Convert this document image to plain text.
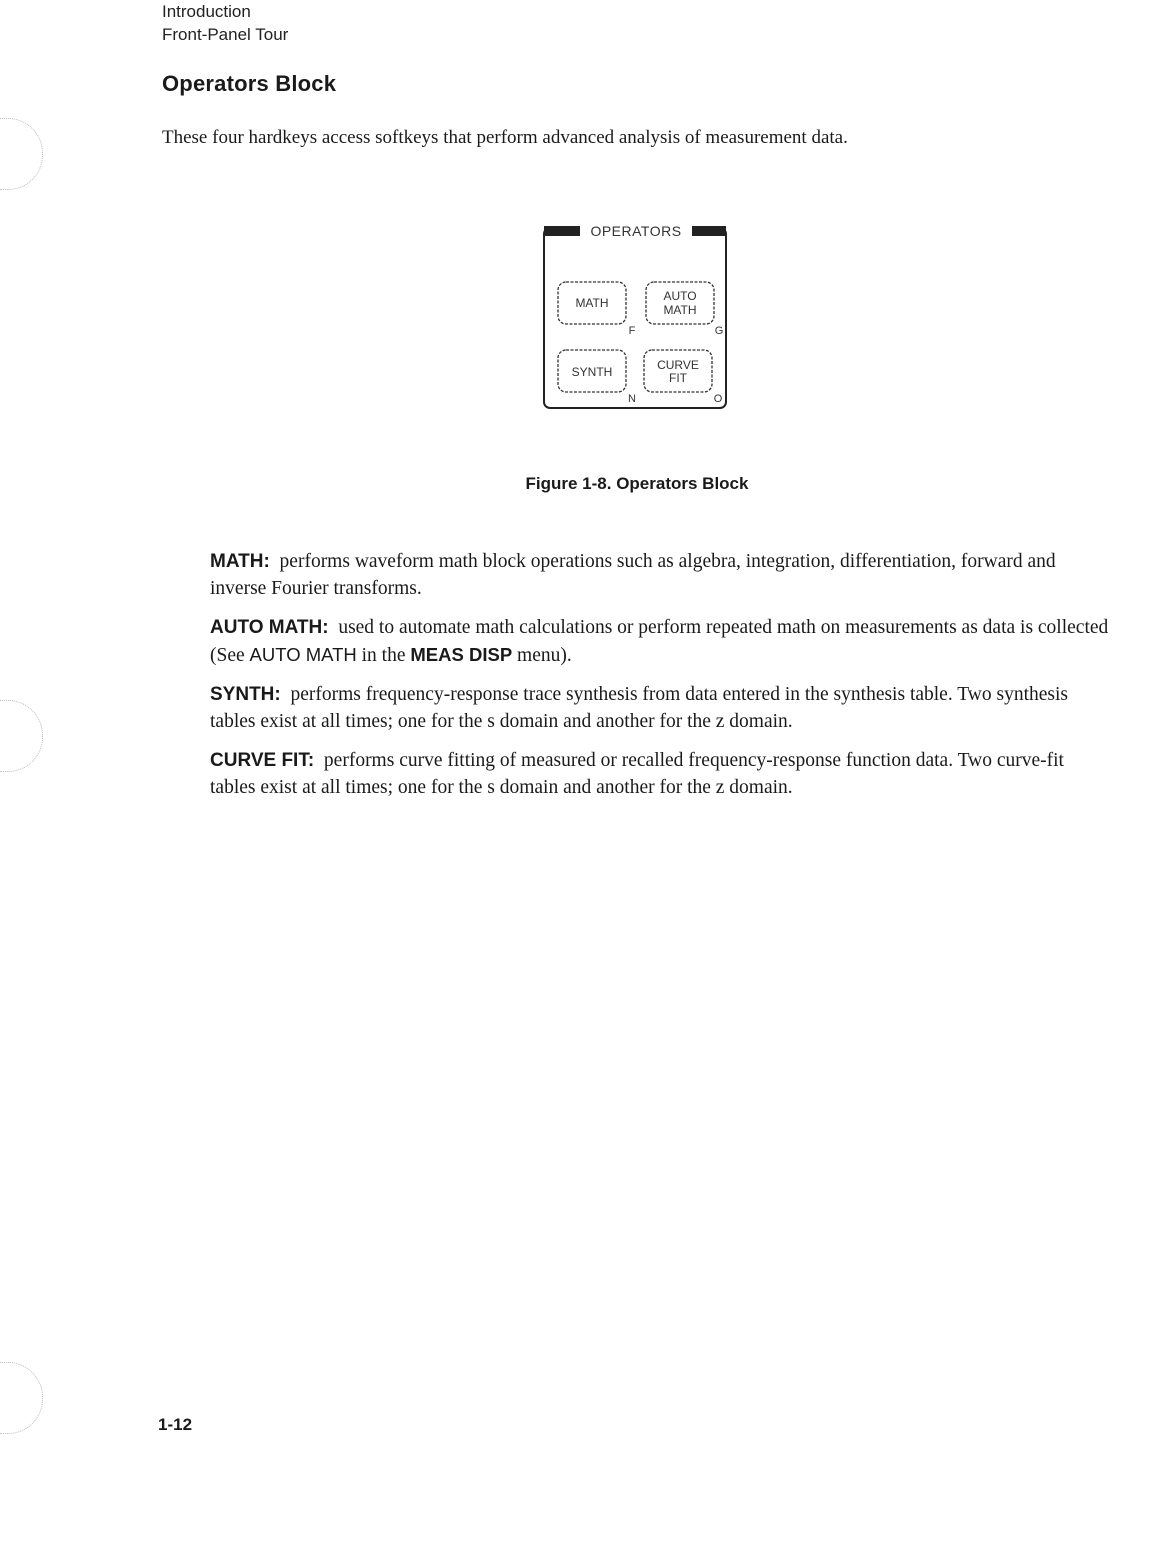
Introduction
Front-Panel Tour
Operators Block

These four hardkeys access softkeys that perform advanced analysis of measurement data.

OPERATORS
MATH
F
AUTO
MATH
G
SYNTH
N
CURVE
FIT
O
Figure 1-8. Operators Block

MATH: performs waveform math block operations such as algebra, integration, differentiation, forward and inverse Fourier transforms.

AUTO MATH: used to automate math calculations or perform repeated math on measurements as data is collected (See AUTO MATH in the MEAS DISP menu).

SYNTH: performs frequency-response trace synthesis from data entered in the synthesis table. Two synthesis tables exist at all times; one for the s domain and another for the z domain.

CURVE FIT: performs curve fitting of measured or recalled frequency-response function data. Two curve-fit tables exist at all times; one for the s domain and another for the z domain.

1-12
